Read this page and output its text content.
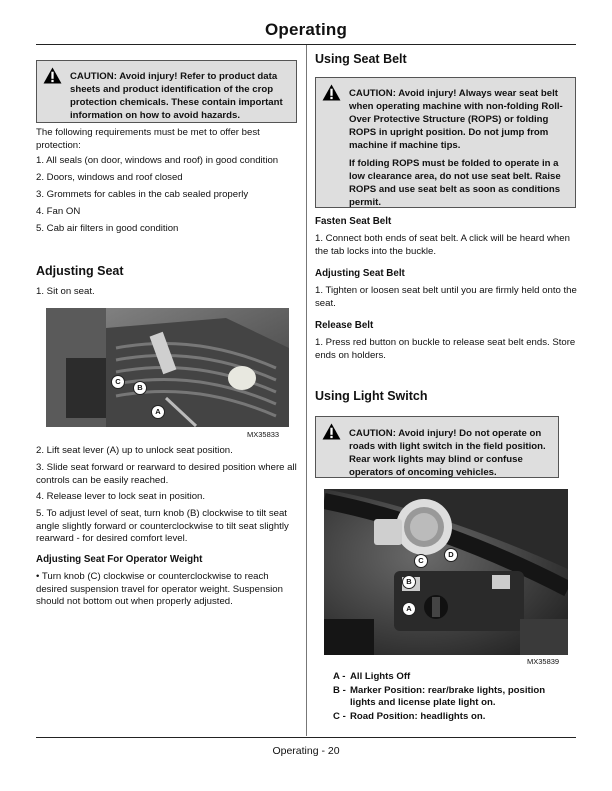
Operating

CAUTION: Avoid injury! Refer to product data sheets and product identification of the crop protection chemicals. These contain important information on how to avoid hazards.

The following requirements must be met to offer best protection:
1. All seals (on door, windows and roof) in good condition
2. Doors, windows and roof closed
3. Grommets for cables in the cab sealed properly
4. Fan ON
5. Cab air filters in good condition
Adjusting Seat
1. Sit on seat.
C
B
A
MX35833
2. Lift seat lever (A) up to unlock seat position.
3. Slide seat forward or rearward to desired position where all controls can be easily reached.
4. Release lever to lock seat in position.
5. To adjust level of seat, turn knob (B) clockwise to tilt seat angle slightly forward or counterclockwise to tilt seat slightly rearward - for desired comfort level.
Adjusting Seat For Operator Weight
• Turn knob (C) clockwise or counterclockwise to reach desired suspension travel for operator weight. Suspension should not bottom out when properly adjusted.
Using Seat Belt

CAUTION: Avoid injury! Always wear seat belt when operating machine with non-folding Roll-Over Protective Structure (ROPS) or folding ROPS in upright position. Do not jump from machine if machine tips.

If folding ROPS must be folded to operate in a low clearance area, do not use seat belt. Raise ROPS and use seat belt as soon as conditions permit.

Fasten Seat Belt
1. Connect both ends of seat belt. A click will be heard when the tab locks into the buckle.
Adjusting Seat Belt
1. Tighten or loosen seat belt until you are firmly held onto the seat.
Release Belt
1. Press red button on buckle to release seat belt ends. Store ends on holders.
Using Light Switch

CAUTION: Avoid injury! Do not operate on roads with light switch in the field position. Rear work lights may blind or confuse operators of oncoming vehicles.

C
D
B
A
MX35839
A - All Lights Off
B - Marker Position: rear/brake lights, position lights and license plate light on.
C - Road Position: headlights on.
Operating - 20
